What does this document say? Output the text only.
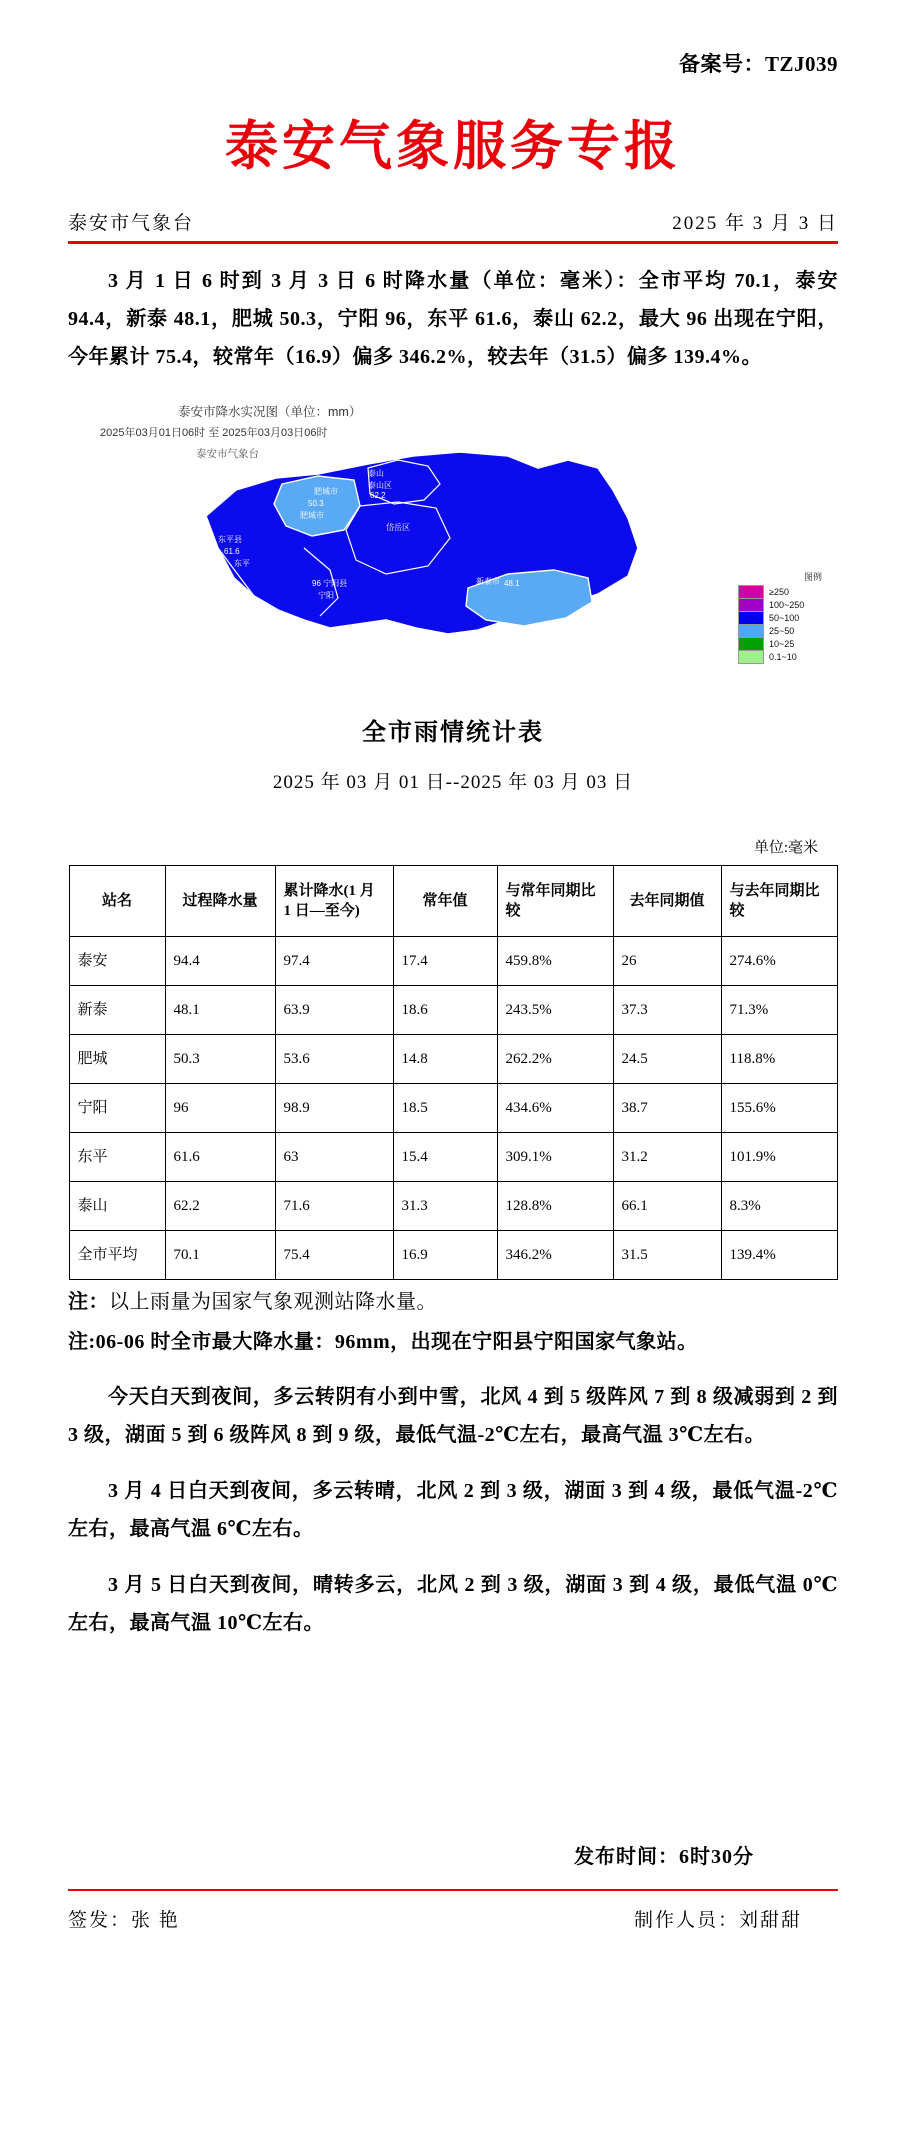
备案号：TZJ039
泰安气象服务专报
泰安市气象台	2025 年 3 月 3 日
3 月 1 日 6 时到 3 月 3 日 6 时降水量（单位：毫米）：全市平均 70.1，泰安 94.4，新泰 48.1，肥城 50.3，宁阳 96，东平 61.6，泰山 62.2，最大 96 出现在宁阳，今年累计 75.4，较常年（16.9）偏多 346.2%，较去年（31.5）偏多 139.4%。
泰安市降水实况图（单位：mm）
2025年03月01日06时 至 2025年03月03日06时
泰安市气象台
泰山
泰山区
62.2
肥城市
50.3
肥城市
岱岳区
东平县
61.6
东平
96 宁阳县
宁阳
新泰市 48.1
图例
≥250
100~250
50~100
25~50
10~25
0.1~10
全市雨情统计表
2025 年 03 月 01 日--2025 年 03 月 03 日
单位:毫米
站名	过程降水量	累计降水(1 月 1 日—至今)	常年值	与常年同期比较	去年同期值	与去年同期比较
泰安	94.4	97.4	17.4	459.8%	26	274.6%
新泰	48.1	63.9	18.6	243.5%	37.3	71.3%
肥城	50.3	53.6	14.8	262.2%	24.5	118.8%
宁阳	96	98.9	18.5	434.6%	38.7	155.6%
东平	61.6	63	15.4	309.1%	31.2	101.9%
泰山	62.2	71.6	31.3	128.8%	66.1	8.3%
全市平均	70.1	75.4	16.9	346.2%	31.5	139.4%
注：以上雨量为国家气象观测站降水量。
注:06-06 时全市最大降水量：96mm，出现在宁阳县宁阳国家气象站。
今天白天到夜间，多云转阴有小到中雪，北风 4 到 5 级阵风 7 到 8 级减弱到 2 到 3 级，湖面 5 到 6 级阵风 8 到 9 级，最低气温-2℃左右，最高气温 3℃左右。
3 月 4 日白天到夜间，多云转晴，北风 2 到 3 级，湖面 3 到 4 级，最低气温-2℃左右，最高气温 6℃左右。
3 月 5 日白天到夜间，晴转多云，北风 2 到 3 级，湖面 3 到 4 级，最低气温 0℃左右，最高气温 10℃左右。
发布时间：6时30分
签发：张 艳	制作人员：刘甜甜
